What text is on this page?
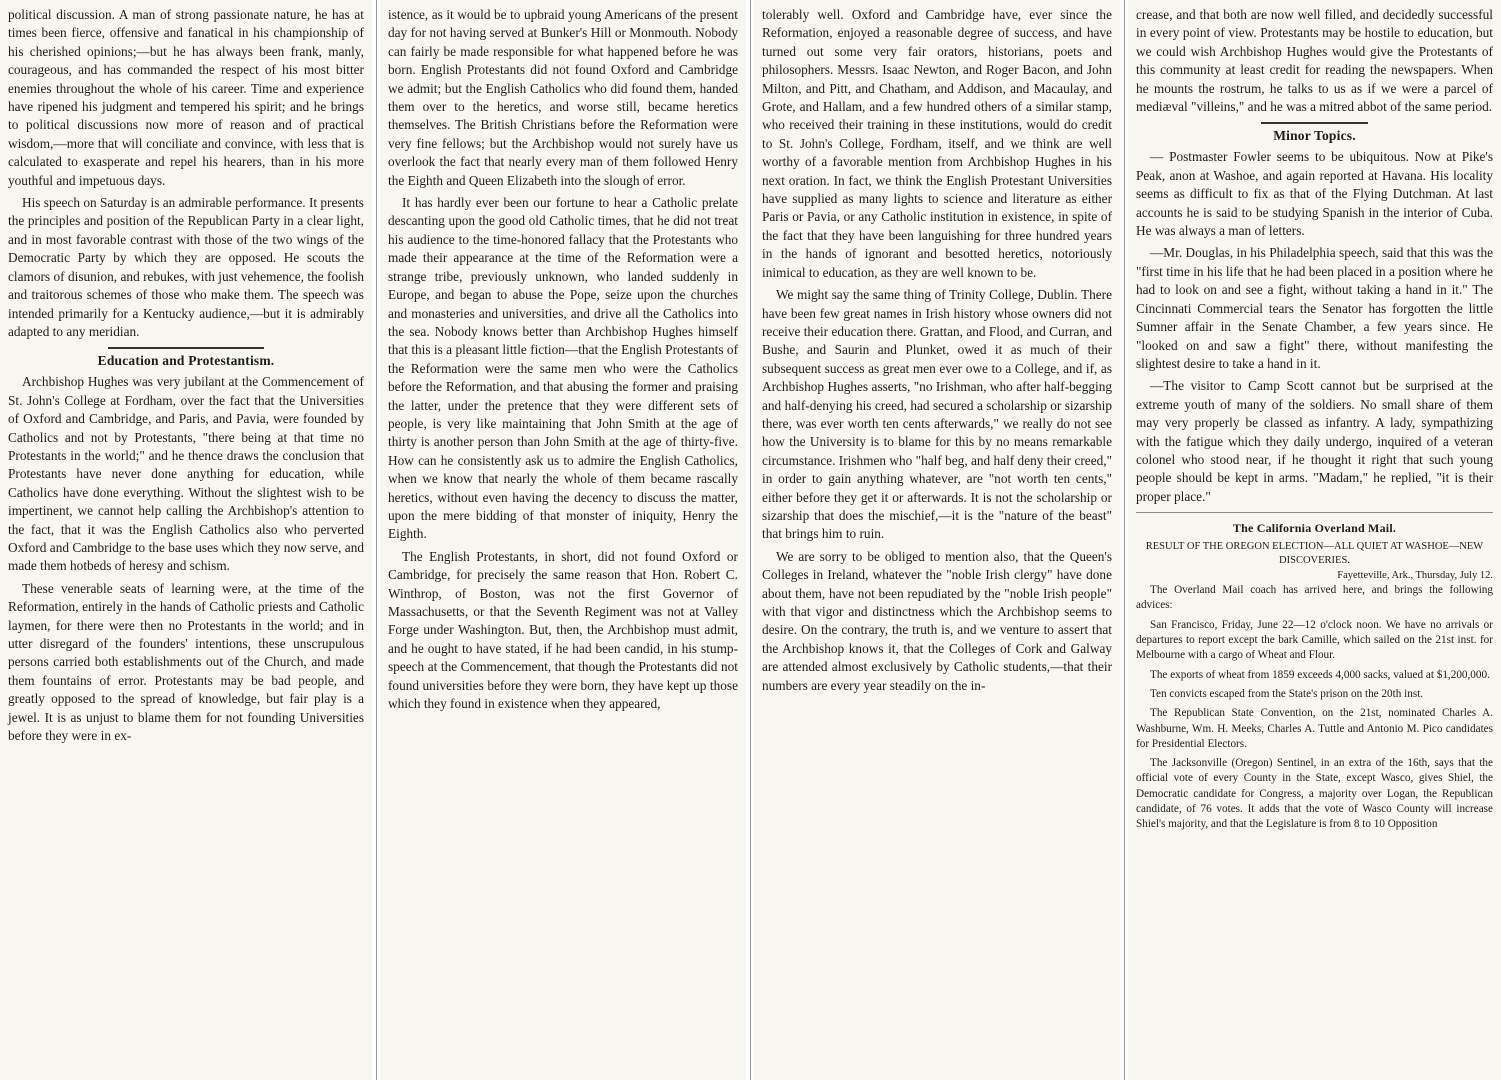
political discussion. A man of strong passionate nature, he has at times been fierce, offensive and fanatical in his championship of his cherished opinions;—but he has always been frank, manly, courageous, and has commanded the respect of his most bitter enemies throughout the whole of his career. Time and experience have ripened his judgment and tempered his spirit; and he brings to political discussions now more of reason and of practical wisdom,—more that will conciliate and convince, with less that is calculated to exasperate and repel his hearers, than in his more youthful and impetuous days.

His speech on Saturday is an admirable performance. It presents the principles and position of the Republican Party in a clear light, and in most favorable contrast with those of the two wings of the Democratic Party by which they are opposed. He scouts the clamors of disunion, and rebukes, with just vehemence, the foolish and traitorous schemes of those who make them. The speech was intended primarily for a Kentucky audience,—but it is admirably adapted to any meridian.

Education and Protestantism.

Archbishop Hughes was very jubilant at the Commencement of St. John's College at Fordham, over the fact that the Universities of Oxford and Cambridge, and Paris, and Pavia, were founded by Catholics and not by Protestants, "there being at that time no Protestants in the world;" and he thence draws the conclusion that Protestants have never done anything for education, while Catholics have done everything. Without the slightest wish to be impertinent, we cannot help calling the Archbishop's attention to the fact, that it was the English Catholics also who perverted Oxford and Cambridge to the base uses which they now serve, and made them hotbeds of heresy and schism.

These venerable seats of learning were, at the time of the Reformation, entirely in the hands of Catholic priests and Catholic laymen, for there were then no Protestants in the world; and in utter disregard of the founders' intentions, these unscrupulous persons carried both establishments out of the Church, and made them fountains of error. Protestants may be bad people, and greatly opposed to the spread of knowledge, but fair play is a jewel. It is as unjust to blame them for not founding Universities before they were in ex-

istence, as it would be to upbraid young Americans of the present day for not having served at Bunker's Hill or Monmouth. Nobody can fairly be made responsible for what happened before he was born. English Protestants did not found Oxford and Cambridge we admit; but the English Catholics who did found them, handed them over to the heretics, and worse still, became heretics themselves. The British Christians before the Reformation were very fine fellows; but the Archbishop would not surely have us overlook the fact that nearly every man of them followed Henry the Eighth and Queen Elizabeth into the slough of error.

It has hardly ever been our fortune to hear a Catholic prelate descanting upon the good old Catholic times, that he did not treat his audience to the time-honored fallacy that the Protestants who made their appearance at the time of the Reformation were a strange tribe, previously unknown, who landed suddenly in Europe, and began to abuse the Pope, seize upon the churches and monasteries and universities, and drive all the Catholics into the sea. Nobody knows better than Archbishop Hughes himself that this is a pleasant little fiction—that the English Protestants of the Reformation were the same men who were the Catholics before the Reformation, and that abusing the former and praising the latter, under the pretence that they were different sets of people, is very like maintaining that John Smith at the age of thirty is another person than John Smith at the age of thirty-five. How can he consistently ask us to admire the English Catholics, when we know that nearly the whole of them became rascally heretics, without even having the decency to discuss the matter, upon the mere bidding of that monster of iniquity, Henry the Eighth.

The English Protestants, in short, did not found Oxford or Cambridge, for precisely the same reason that Hon. Robert C. Winthrop, of Boston, was not the first Governor of Massachusetts, or that the Seventh Regiment was not at Valley Forge under Washington. But, then, the Archbishop must admit, and he ought to have stated, if he had been candid, in his stump-speech at the Commencement, that though the Protestants did not found universities before they were born, they have kept up those which they found in existence when they appeared,

tolerably well. Oxford and Cambridge have, ever since the Reformation, enjoyed a reasonable degree of success, and have turned out some very fair orators, historians, poets and philosophers. Messrs. Isaac Newton, and Roger Bacon, and John Milton, and Pitt, and Chatham, and Addison, and Macaulay, and Grote, and Hallam, and a few hundred others of a similar stamp, who received their training in these institutions, would do credit to St. John's College, Fordham, itself, and we think are well worthy of a favorable mention from Archbishop Hughes in his next oration. In fact, we think the English Protestant Universities have supplied as many lights to science and literature as either Paris or Pavia, or any Catholic institution in existence, in spite of the fact that they have been languishing for three hundred years in the hands of ignorant and besotted heretics, notoriously inimical to education, as they are well known to be.

We might say the same thing of Trinity College, Dublin. There have been few great names in Irish history whose owners did not receive their education there. Grattan, and Flood, and Curran, and Bushe, and Saurin and Plunket, owed it as much of their subsequent success as great men ever owe to a College, and if, as Archbishop Hughes asserts, "no Irishman, who after half-begging and half-denying his creed, had secured a scholarship or sizarship there, was ever worth ten cents afterwards," we really do not see how the University is to blame for this by no means remarkable circumstance. Irishmen who "half beg, and half deny their creed," in order to gain anything whatever, are "not worth ten cents," either before they get it or afterwards. It is not the scholarship or sizarship that does the mischief,—it is the "nature of the beast" that brings him to ruin.

We are sorry to be obliged to mention also, that the Queen's Colleges in Ireland, whatever the "noble Irish clergy" have done about them, have not been repudiated by the "noble Irish people" with that vigor and distinctness which the Archbishop seems to desire. On the contrary, the truth is, and we venture to assert that the Archbishop knows it, that the Colleges of Cork and Galway are attended almost exclusively by Catholic students,—that their numbers are every year steadily on the in-

crease, and that both are now well filled, and decidedly successful in every point of view. Protestants may be hostile to education, but we could wish Archbishop Hughes would give the Protestants of this community at least credit for reading the newspapers. When he mounts the rostrum, he talks to us as if we were a parcel of mediæval "villeins," and he was a mitred abbot of the same period.

Minor Topics.

— Postmaster Fowler seems to be ubiquitous. Now at Pike's Peak, anon at Washoe, and again reported at Havana. His locality seems as difficult to fix as that of the Flying Dutchman. At last accounts he is said to be studying Spanish in the interior of Cuba. He was always a man of letters.

—Mr. Douglas, in his Philadelphia speech, said that this was the "first time in his life that he had been placed in a position where he had to look on and see a fight, without taking a hand in it." The Cincinnati Commercial tears the Senator has forgotten the little Sumner affair in the Senate Chamber, a few years since. He "looked on and saw a fight" there, without manifesting the slightest desire to take a hand in it.

—The visitor to Camp Scott cannot but be surprised at the extreme youth of many of the soldiers. No small share of them may very properly be classed as infantry. A lady, sympathizing with the fatigue which they daily undergo, inquired of a veteran colonel who stood near, if he thought it right that such young people should be kept in arms. "Madam," he replied, "it is their proper place."

The California Overland Mail.
RESULT OF THE OREGON ELECTION—ALL QUIET AT WASHOE—NEW DISCOVERIES.
Fayetteville, Ark., Thursday, July 12.

The Overland Mail coach has arrived here, and brings the following advices:

San Francisco, Friday, June 22—12 o'clock noon. We have no arrivals or departures to report except the bark Camille, which sailed on the 21st inst. for Melbourne with a cargo of Wheat and Flour.

The exports of wheat from 1859 exceeds 4,000 sacks, valued at $1,200,000.

Ten convicts escaped from the State's prison on the 20th inst.

The Republican State Convention, on the 21st, nominated Charles A. Washburne, Wm. H. Meeks, Charles A. Tuttle and Antonio M. Pico candidates for Presidential Electors.

The Jacksonville (Oregon) Sentinel, in an extra of the 16th, says that the official vote of every County in the State, except Wasco, gives Shiel, the Democratic candidate for Congress, a majority over Logan, the Republican candidate, of 76 votes. It adds that the vote of Wasco County will increase Shiel's majority, and that the Legislature is from 8 to 10 Opposition
